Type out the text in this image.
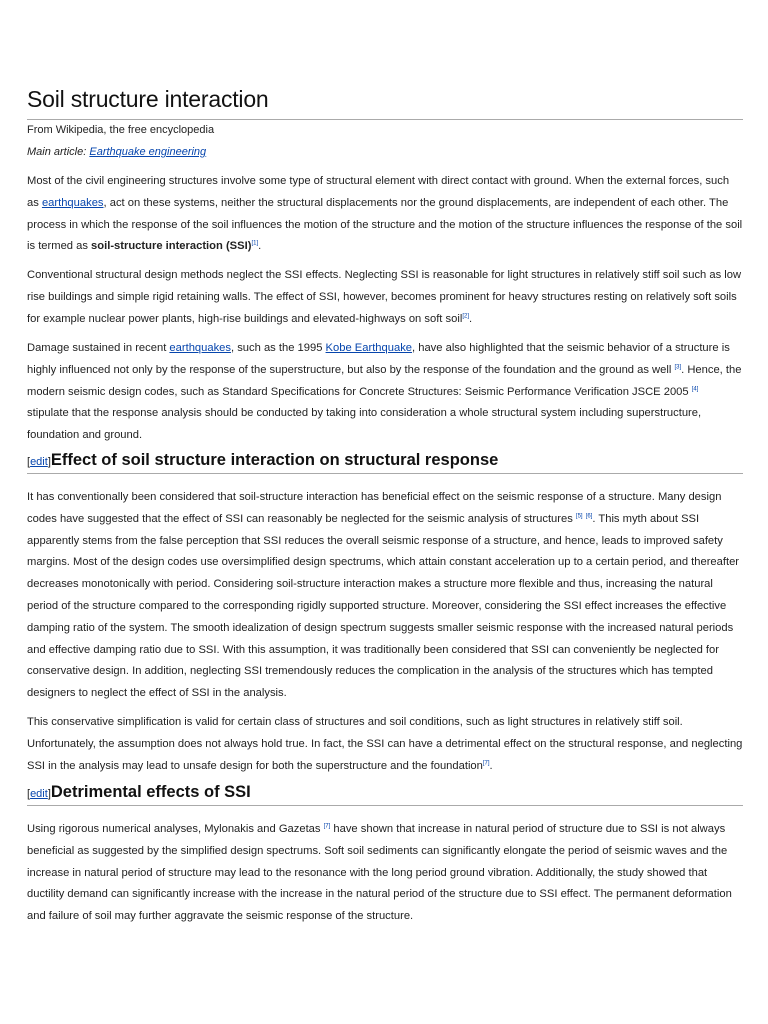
Soil structure interaction
From Wikipedia, the free encyclopedia
Main article: Earthquake engineering

Most of the civil engineering structures involve some type of structural element with direct contact with ground. When the external forces, such as earthquakes, act on these systems, neither the structural displacements nor the ground displacements, are independent of each other. The process in which the response of the soil influences the motion of the structure and the motion of the structure influences the response of the soil is termed as soil-structure interaction (SSI)[1].

Conventional structural design methods neglect the SSI effects. Neglecting SSI is reasonable for light structures in relatively stiff soil such as low rise buildings and simple rigid retaining walls. The effect of SSI, however, becomes prominent for heavy structures resting on relatively soft soils for example nuclear power plants, high-rise buildings and elevated-highways on soft soil[2].

Damage sustained in recent earthquakes, such as the 1995 Kobe Earthquake, have also highlighted that the seismic behavior of a structure is highly influenced not only by the response of the superstructure, but also by the response of the foundation and the ground as well [3]. Hence, the modern seismic design codes, such as Standard Specifications for Concrete Structures: Seismic Performance Verification JSCE 2005 [4] stipulate that the response analysis should be conducted by taking into consideration a whole structural system including superstructure, foundation and ground.

[edit]Effect of soil structure interaction on structural response

It has conventionally been considered that soil-structure interaction has beneficial effect on the seismic response of a structure. Many design codes have suggested that the effect of SSI can reasonably be neglected for the seismic analysis of structures [5] [6]. This myth about SSI apparently stems from the false perception that SSI reduces the overall seismic response of a structure, and hence, leads to improved safety margins. Most of the design codes use oversimplified design spectrums, which attain constant acceleration up to a certain period, and thereafter decreases monotonically with period. Considering soil-structure interaction makes a structure more flexible and thus, increasing the natural period of the structure compared to the corresponding rigidly supported structure. Moreover, considering the SSI effect increases the effective damping ratio of the system. The smooth idealization of design spectrum suggests smaller seismic response with the increased natural periods and effective damping ratio due to SSI. With this assumption, it was traditionally been considered that SSI can conveniently be neglected for conservative design. In addition, neglecting SSI tremendously reduces the complication in the analysis of the structures which has tempted designers to neglect the effect of SSI in the analysis.

This conservative simplification is valid for certain class of structures and soil conditions, such as light structures in relatively stiff soil. Unfortunately, the assumption does not always hold true. In fact, the SSI can have a detrimental effect on the structural response, and neglecting SSI in the analysis may lead to unsafe design for both the superstructure and the foundation[7].

[edit]Detrimental effects of SSI

Using rigorous numerical analyses, Mylonakis and Gazetas [7] have shown that increase in natural period of structure due to SSI is not always beneficial as suggested by the simplified design spectrums. Soft soil sediments can significantly elongate the period of seismic waves and the increase in natural period of structure may lead to the resonance with the long period ground vibration. Additionally, the study showed that ductility demand can significantly increase with the increase in the natural period of the structure due to SSI effect. The permanent deformation and failure of soil may further aggravate the seismic response of the structure.
